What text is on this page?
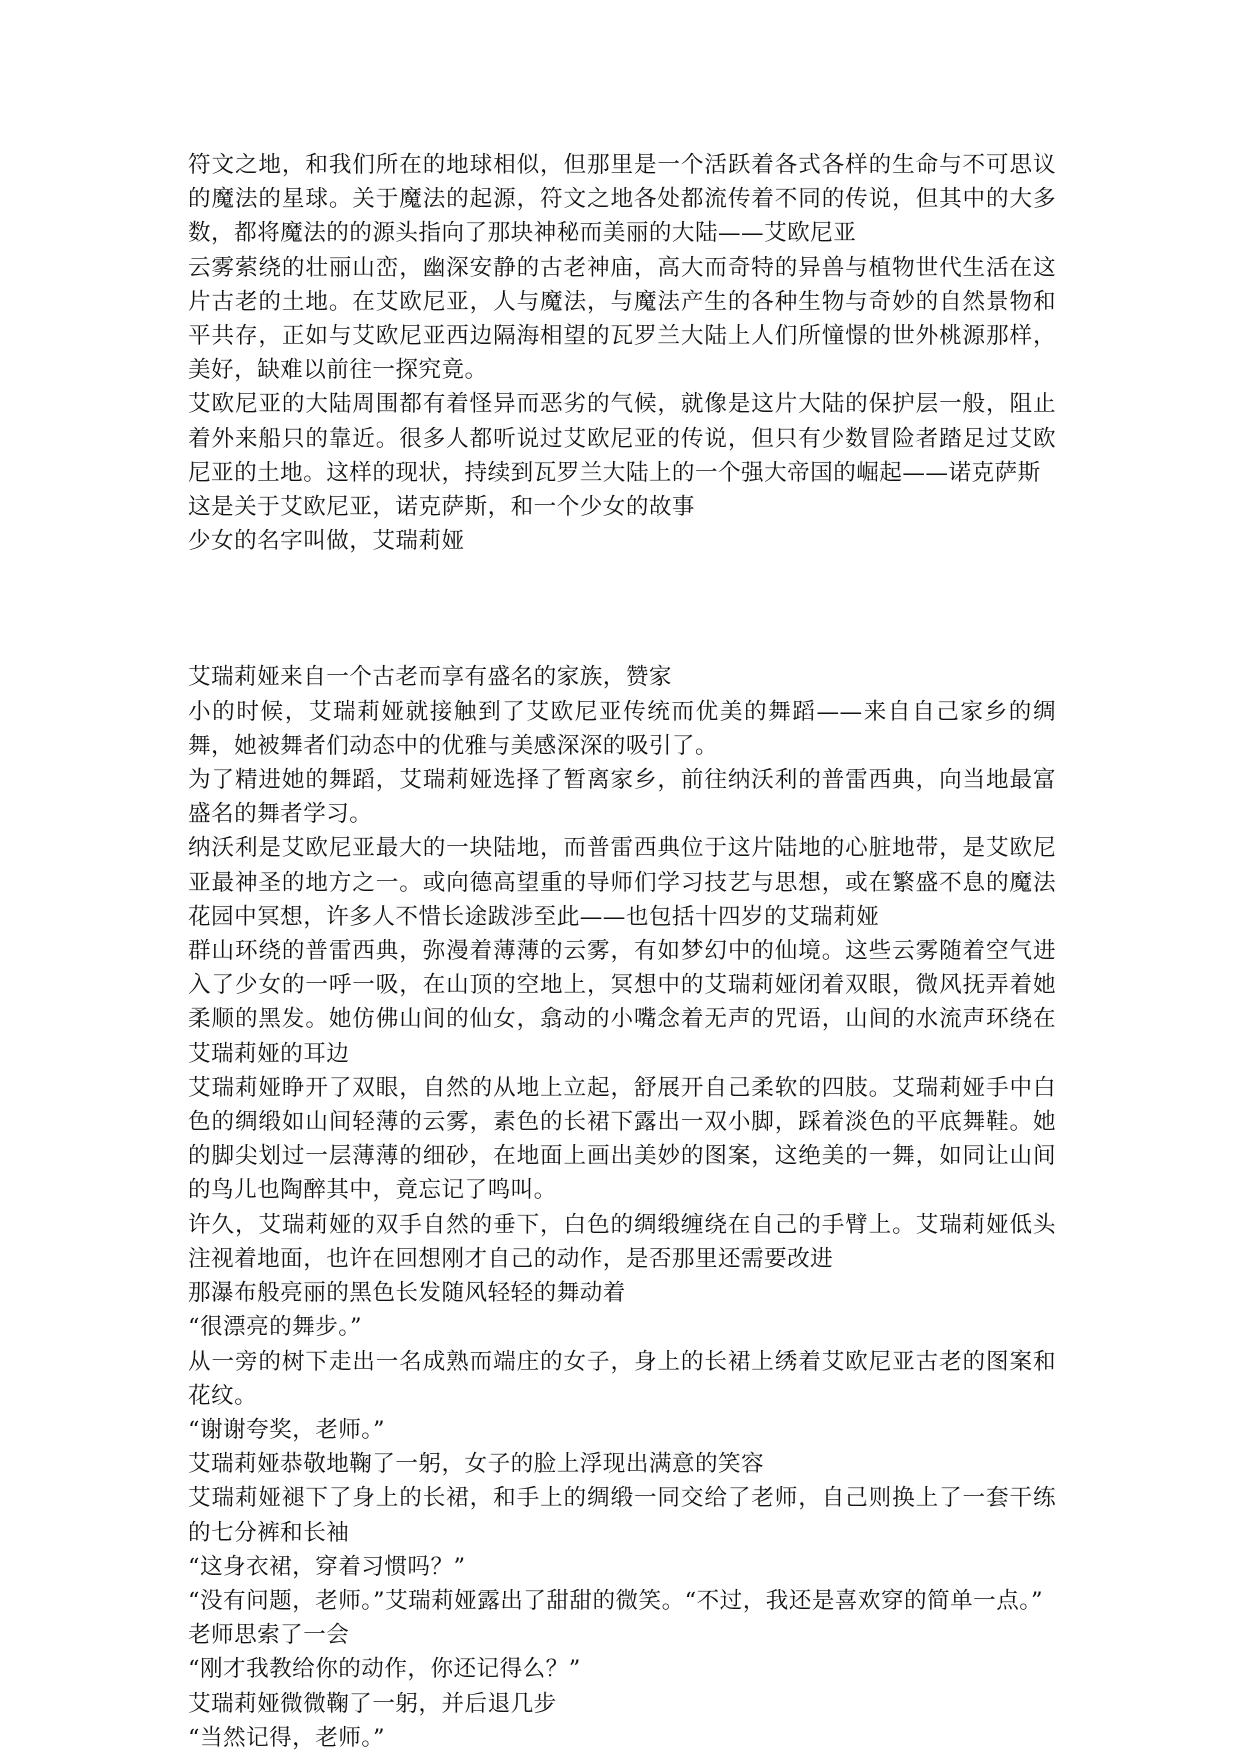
符文之地，和我们所在的地球相似，但那里是一个活跃着各式各样的生命与不可思议的魔法的星球。关于魔法的起源，符文之地各处都流传着不同的传说，但其中的大多数，都将魔法的的源头指向了那块神秘而美丽的大陆——艾欧尼亚

云雾萦绕的壮丽山峦，幽深安静的古老神庙，高大而奇特的异兽与植物世代生活在这片古老的土地。在艾欧尼亚，人与魔法，与魔法产生的各种生物与奇妙的自然景物和平共存，正如与艾欧尼亚西边隔海相望的瓦罗兰大陆上人们所憧憬的世外桃源那样，美好，缺难以前往一探究竟。

艾欧尼亚的大陆周围都有着怪异而恶劣的气候，就像是这片大陆的保护层一般，阻止着外来船只的靠近。很多人都听说过艾欧尼亚的传说，但只有少数冒险者踏足过艾欧尼亚的土地。这样的现状，持续到瓦罗兰大陆上的一个强大帝国的崛起——诺克萨斯

这是关于艾欧尼亚，诺克萨斯，和一个少女的故事

少女的名字叫做，艾瑞莉娅

艾瑞莉娅来自一个古老而享有盛名的家族，赞家

小的时候，艾瑞莉娅就接触到了艾欧尼亚传统而优美的舞蹈——来自自己家乡的绸舞，她被舞者们动态中的优雅与美感深深的吸引了。

为了精进她的舞蹈，艾瑞莉娅选择了暂离家乡，前往纳沃利的普雷西典，向当地最富盛名的舞者学习。

纳沃利是艾欧尼亚最大的一块陆地，而普雷西典位于这片陆地的心脏地带，是艾欧尼亚最神圣的地方之一。或向德高望重的导师们学习技艺与思想，或在繁盛不息的魔法花园中冥想，许多人不惜长途跋涉至此——也包括十四岁的艾瑞莉娅

群山环绕的普雷西典，弥漫着薄薄的云雾，有如梦幻中的仙境。这些云雾随着空气进入了少女的一呼一吸，在山顶的空地上，冥想中的艾瑞莉娅闭着双眼，微风抚弄着她柔顺的黑发。她仿佛山间的仙女，翕动的小嘴念着无声的咒语，山间的水流声环绕在艾瑞莉娅的耳边

艾瑞莉娅睁开了双眼，自然的从地上立起，舒展开自己柔软的四肢。艾瑞莉娅手中白色的绸缎如山间轻薄的云雾，素色的长裙下露出一双小脚，踩着淡色的平底舞鞋。她的脚尖划过一层薄薄的细砂，在地面上画出美妙的图案，这绝美的一舞，如同让山间的鸟儿也陶醉其中，竟忘记了鸣叫。

许久，艾瑞莉娅的双手自然的垂下，白色的绸缎缠绕在自己的手臂上。艾瑞莉娅低头注视着地面，也许在回想刚才自己的动作，是否那里还需要改进

那瀑布般亮丽的黑色长发随风轻轻的舞动着

“很漂亮的舞步。”

从一旁的树下走出一名成熟而端庄的女子，身上的长裙上绣着艾欧尼亚古老的图案和花纹。

“谢谢夸奖，老师。”

艾瑞莉娅恭敬地鞠了一躬，女子的脸上浮现出满意的笑容

艾瑞莉娅褪下了身上的长裙，和手上的绸缎一同交给了老师，自己则换上了一套干练的七分裤和长袖

“这身衣裙，穿着习惯吗？”

“没有问题，老师。”艾瑞莉娅露出了甜甜的微笑。“不过，我还是喜欢穿的简单一点。”

老师思索了一会

“刚才我教给你的动作，你还记得么？”

艾瑞莉娅微微鞠了一躬，并后退几步

“当然记得，老师。”
